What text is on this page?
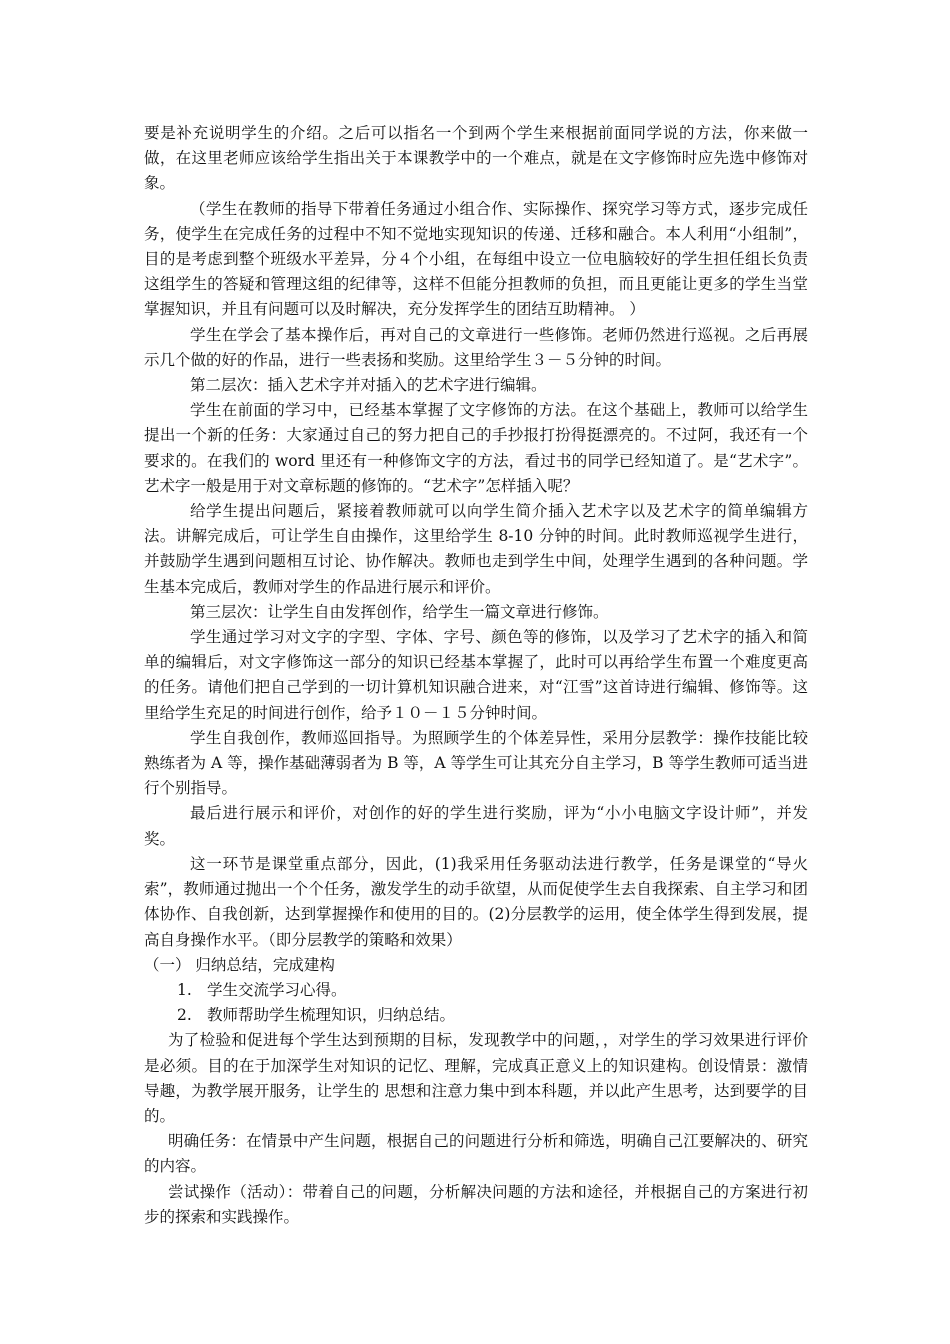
要是补充说明学生的介绍。之后可以指名一个到两个学生来根据前面同学说的方法，你来做一做，在这里老师应该给学生指出关于本课教学中的一个难点，就是在文字修饰时应先选中修饰对象。

（学生在教师的指导下带着任务通过小组合作、实际操作、探究学习等方式，逐步完成任务，使学生在完成任务的过程中不知不觉地实现知识的传递、迁移和融合。本人利用“小组制”，目的是考虑到整个班级水平差异，分４个小组，在每组中设立一位电脑较好的学生担任组长负责这组学生的答疑和管理这组的纪律等，这样不但能分担教师的负担，而且更能让更多的学生当堂掌握知识，并且有问题可以及时解决，充分发挥学生的团结互助精神。 ）

学生在学会了基本操作后，再对自己的文章进行一些修饰。老师仍然进行巡视。之后再展示几个做的好的作品，进行一些表扬和奖励。这里给学生３－５分钟的时间。

第二层次：插入艺术字并对插入的艺术字进行编辑。

学生在前面的学习中，已经基本掌握了文字修饰的方法。在这个基础上，教师可以给学生提出一个新的任务：大家通过自己的努力把自己的手抄报打扮得挺漂亮的。不过阿，我还有一个要求的。在我们的 word 里还有一种修饰文字的方法，看过书的同学已经知道了。是“艺术字”。艺术字一般是用于对文章标题的修饰的。“艺术字”怎样插入呢？

给学生提出问题后，紧接着教师就可以向学生简介插入艺术字以及艺术字的简单编辑方法。讲解完成后，可让学生自由操作，这里给学生 8-10 分钟的时间。此时教师巡视学生进行，并鼓励学生遇到问题相互讨论、协作解决。教师也走到学生中间，处理学生遇到的各种问题。学生基本完成后，教师对学生的作品进行展示和评价。

第三层次：让学生自由发挥创作，给学生一篇文章进行修饰。

学生通过学习对文字的字型、字体、字号、颜色等的修饰，以及学习了艺术字的插入和简单的编辑后，对文字修饰这一部分的知识已经基本掌握了，此时可以再给学生布置一个难度更高的任务。请他们把自己学到的一切计算机知识融合进来，对“江雪”这首诗进行编辑、修饰等。这里给学生充足的时间进行创作，给予１０－１５分钟时间。

学生自我创作，教师巡回指导。为照顾学生的个体差异性，采用分层教学：操作技能比较熟练者为 A 等，操作基础薄弱者为 B 等，A 等学生可让其充分自主学习，B 等学生教师可适当进行个别指导。

最后进行展示和评价，对创作的好的学生进行奖励，评为“小小电脑文字设计师”，并发奖。

这一环节是课堂重点部分，因此，(1)我采用任务驱动法进行教学，任务是课堂的“导火索”，教师通过抛出一个个任务，激发学生的动手欲望，从而促使学生去自我探索、自主学习和团体协作、自我创新，达到掌握操作和使用的目的。(2)分层教学的运用，使全体学生得到发展，提高自身操作水平。（即分层教学的策略和效果）

（一） 归纳总结，完成建构

1. 学生交流学习心得。

2. 教师帮助学生梳理知识，归纳总结。

为了检验和促进每个学生达到预期的目标，发现教学中的问题，，对学生的学习效果进行评价是必须。目的在于加深学生对知识的记忆、理解，完成真正意义上的知识建构。创设情景：激情导趣，为教学展开服务，让学生的 思想和注意力集中到本科题，并以此产生思考，达到要学的目的。

明确任务：在情景中产生问题，根据自己的问题进行分析和筛选，明确自己江要解决的、研究的内容。

尝试操作（活动）：带着自己的问题，分析解决问题的方法和途径，并根据自己的方案进行初步的探索和实践操作。
